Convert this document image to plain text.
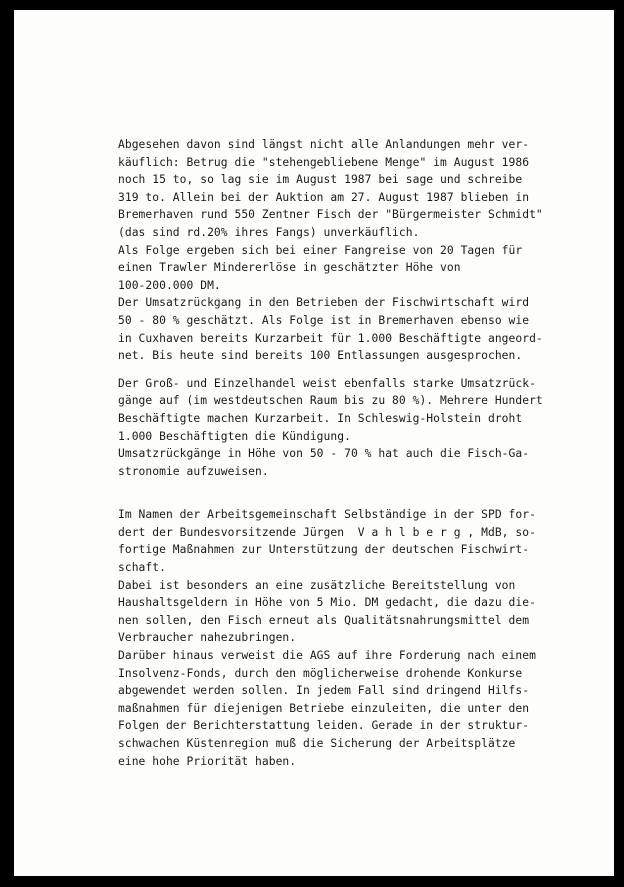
Abgesehen davon sind längst nicht alle Anlandungen mehr ver-
käuflich: Betrug die "stehengebliebene Menge" im August 1986
noch 15 to, so lag sie im August 1987 bei sage und schreibe
319 to. Allein bei der Auktion am 27. August 1987 blieben in
Bremerhaven rund 550 Zentner Fisch der "Bürgermeister Schmidt"
(das sind rd.20% ihres Fangs) unverkäuflich.
Als Folge ergeben sich bei einer Fangreise von 20 Tagen für
einen Trawler Mindererlöse in geschätzter Höhe von
100-200.000 DM.
Der Umsatzrückgang in den Betrieben der Fischwirtschaft wird
50 - 80 % geschätzt. Als Folge ist in Bremerhaven ebenso wie
in Cuxhaven bereits Kurzarbeit für 1.000 Beschäftigte angeord-
net. Bis heute sind bereits 100 Entlassungen ausgesprochen.
Der Groß- und Einzelhandel weist ebenfalls starke Umsatzrück-
gänge auf (im westdeutschen Raum bis zu 80 %). Mehrere Hundert
Beschäftigte machen Kurzarbeit. In Schleswig-Holstein droht
1.000 Beschäftigten die Kündigung.
Umsatzrückgänge in Höhe von 50 - 70 % hat auch die Fisch-Ga-
stronomie aufzuweisen.
Im Namen der Arbeitsgemeinschaft Selbständige in der SPD for-
dert der Bundesvorsitzende Jürgen  V a h l b e r g , MdB, so-
fortige Maßnahmen zur Unterstützung der deutschen Fischwirt-
schaft.
Dabei ist besonders an eine zusätzliche Bereitstellung von
Haushaltsgeldern in Höhe von 5 Mio. DM gedacht, die dazu die-
nen sollen, den Fisch erneut als Qualitätsnahrungsmittel dem
Verbraucher nahezubringen.
Darüber hinaus verweist die AGS auf ihre Forderung nach einem
Insolvenz-Fonds, durch den möglicherweise drohende Konkurse
abgewendet werden sollen. In jedem Fall sind dringend Hilfs-
maßnahmen für diejenigen Betriebe einzuleiten, die unter den
Folgen der Berichterstattung leiden. Gerade in der struktur-
schwachen Küstenregion muß die Sicherung der Arbeitsplätze
eine hohe Priorität haben.
